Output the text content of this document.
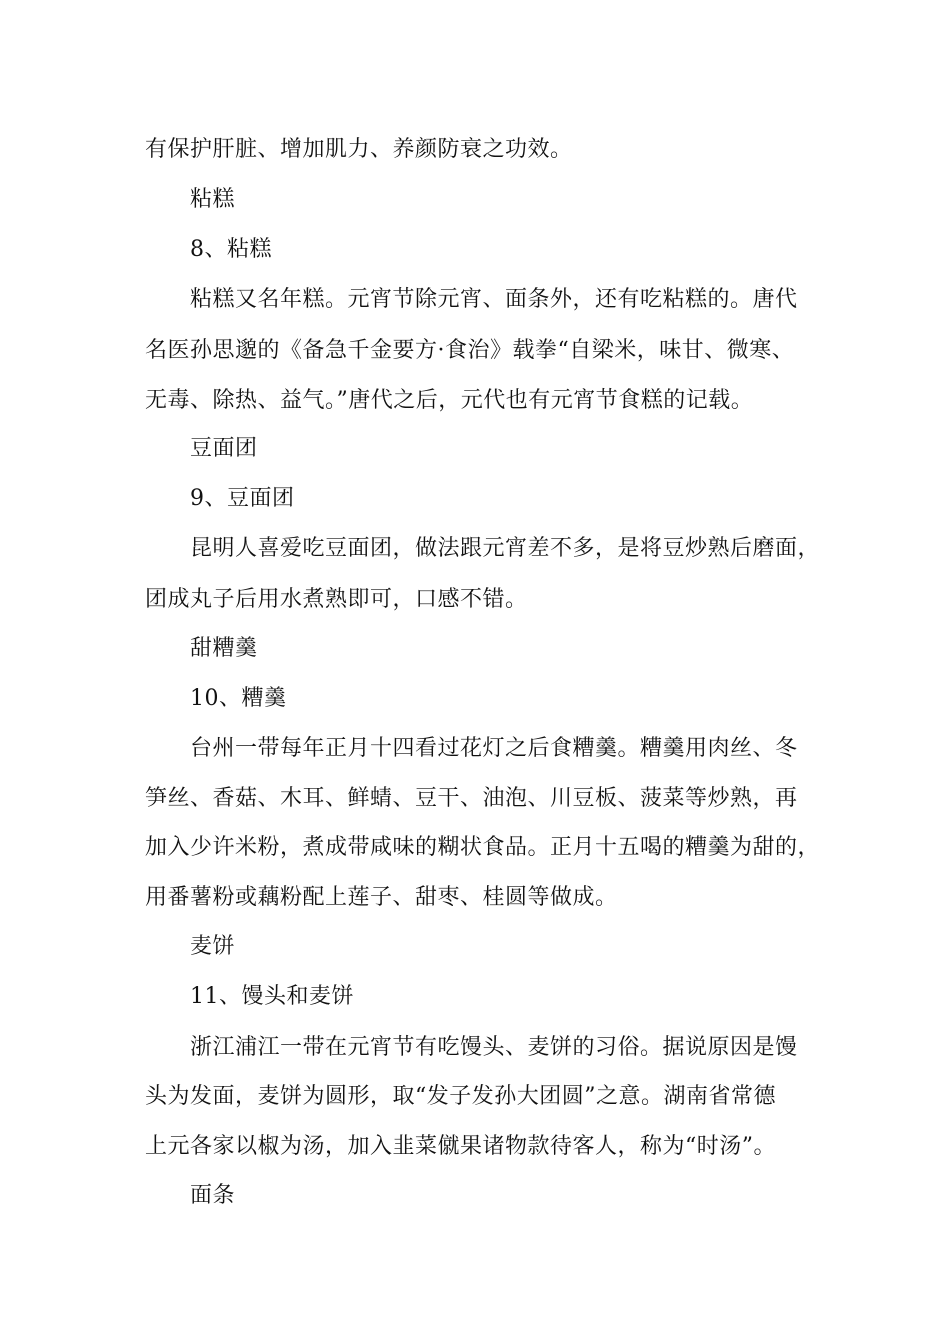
有保护肝脏、增加肌力、养颜防衰之功效。
粘糕
8、粘糕
粘糕又名年糕。元宵节除元宵、面条外，还有吃粘糕的。唐代
名医孙思邈的《备急千金要方·食治》载拳“自梁米，味甘、微寒、
无毒、除热、益气。”唐代之后，元代也有元宵节食糕的记载。
豆面团
9、豆面团
昆明人喜爱吃豆面团，做法跟元宵差不多，是将豆炒熟后磨面，
团成丸子后用水煮熟即可，口感不错。
甜糟羹
10、糟羹
台州一带每年正月十四看过花灯之后食糟羹。糟羹用肉丝、冬
笋丝、香菇、木耳、鲜蜻、豆干、油泡、川豆板、菠菜等炒熟，再
加入少许米粉，煮成带咸味的糊状食品。正月十五喝的糟羹为甜的，
用番薯粉或藕粉配上莲子、甜枣、桂圆等做成。
麦饼
11、馒头和麦饼
浙江浦江一带在元宵节有吃馒头、麦饼的习俗。据说原因是馒
头为发面，麦饼为圆形，取“发子发孙大团圆”之意。湖南省常德
上元各家以椒为汤，加入韭菜僦果诸物款待客人，称为“时汤”。
面条
